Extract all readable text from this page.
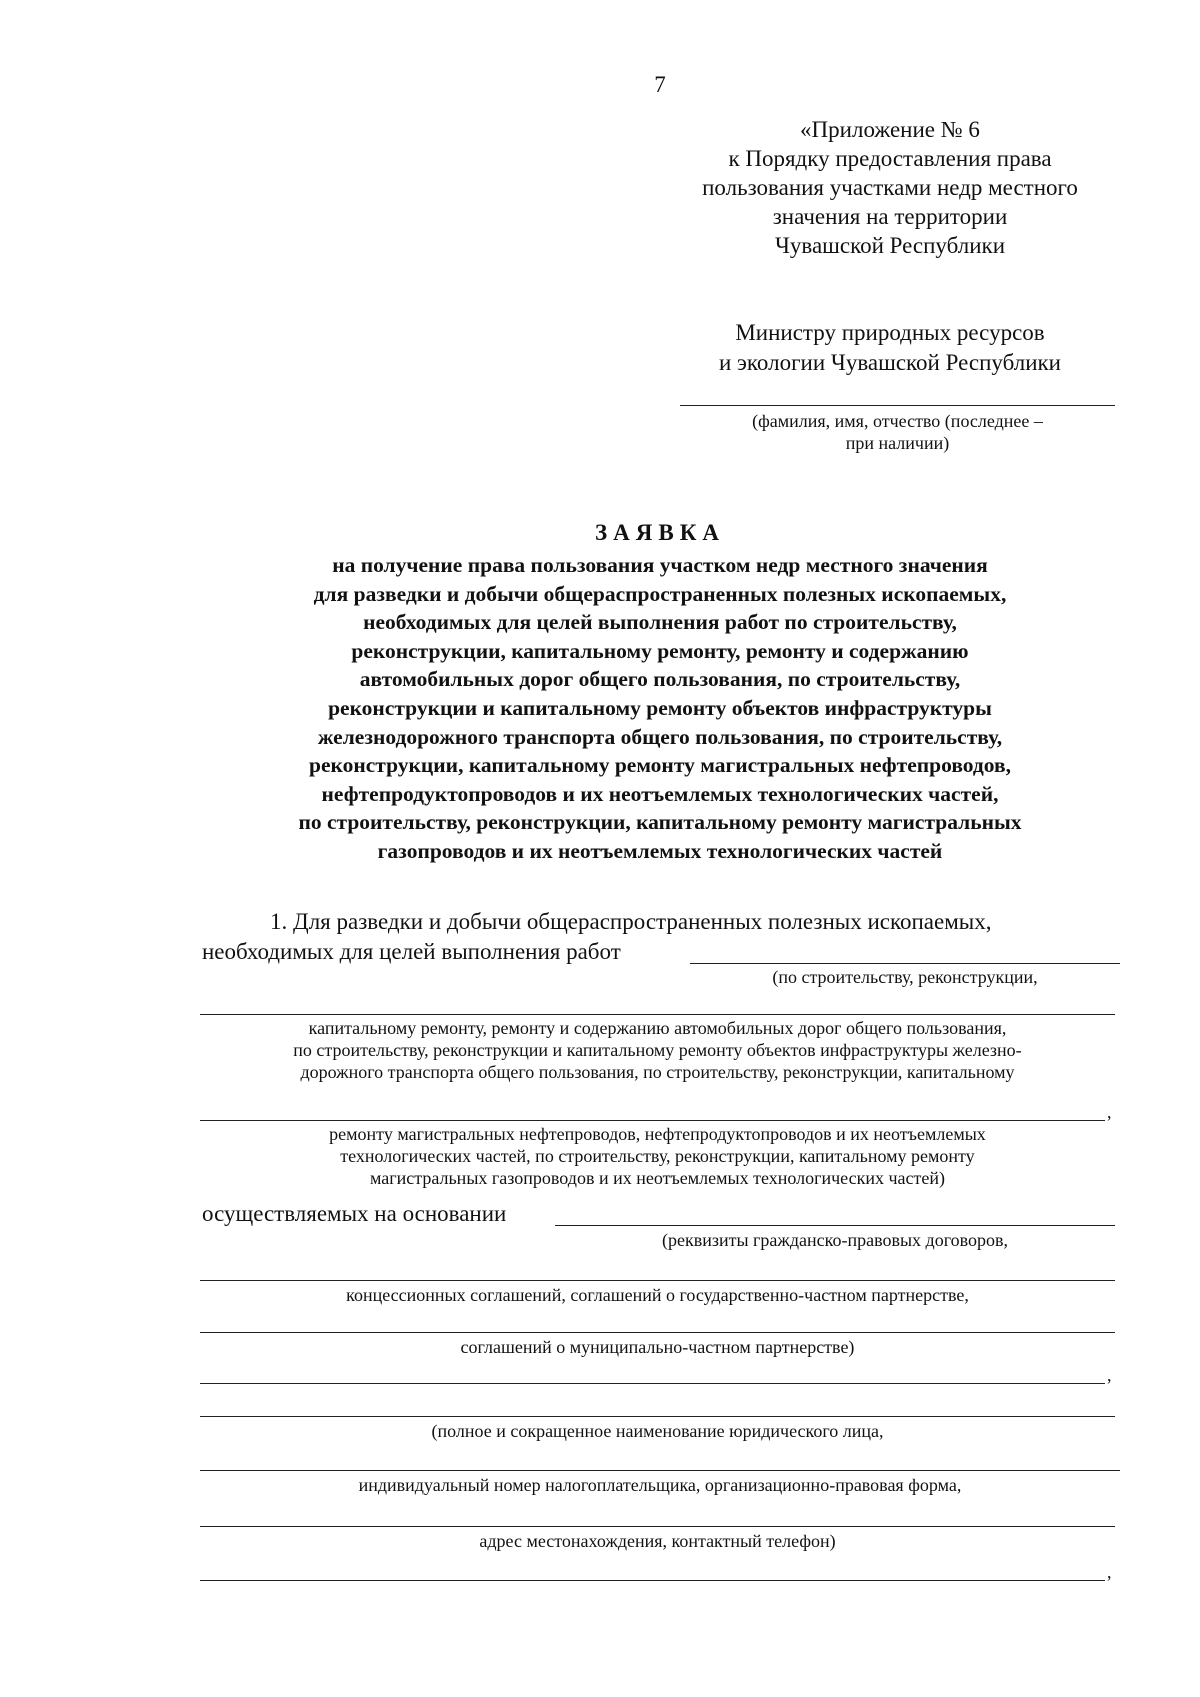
7
«Приложение № 6
к Порядку предоставления права
пользования участками недр местного
значения на территории
Чувашской Республики
Министру природных ресурсов
и экологии Чувашской Республики
(фамилия, имя, отчество (последнее –
при наличии)
ЗАЯВКА
на получение права пользования участком недр местного значения
для разведки и добычи общераспространенных полезных ископаемых,
необходимых для целей выполнения работ по строительству,
реконструкции, капитальному ремонту, ремонту и содержанию
автомобильных дорог общего пользования, по строительству,
реконструкции и капитальному ремонту объектов инфраструктуры
железнодорожного транспорта общего пользования, по строительству,
реконструкции, капитальному ремонту магистральных нефтепроводов,
нефтепродуктопроводов и их неотъемлемых технологических частей,
по строительству, реконструкции, капитальному ремонту магистральных
газопроводов и их неотъемлемых технологических частей
1. Для разведки и добычи общераспространенных полезных ископаемых,
необходимых для целей выполнения работ
(по строительству, реконструкции,
капитальному ремонту, ремонту и содержанию автомобильных дорог общего пользования,
по строительству, реконструкции и капитальному ремонту объектов инфраструктуры железно-
дорожного транспорта общего пользования, по строительству, реконструкции, капитальному
,
ремонту магистральных нефтепроводов, нефтепродуктопроводов и их неотъемлемых
технологических частей, по строительству, реконструкции, капитальному ремонту
магистральных газопроводов и их неотъемлемых технологических частей)
осуществляемых на основании
(реквизиты гражданско-правовых договоров,
концессионных соглашений, соглашений о государственно-частном партнерстве,
соглашений о муниципально-частном партнерстве)
,
(полное и сокращенное наименование юридического лица,
индивидуальный номер налогоплательщика, организационно-правовая форма,
адрес местонахождения, контактный телефон)
,
